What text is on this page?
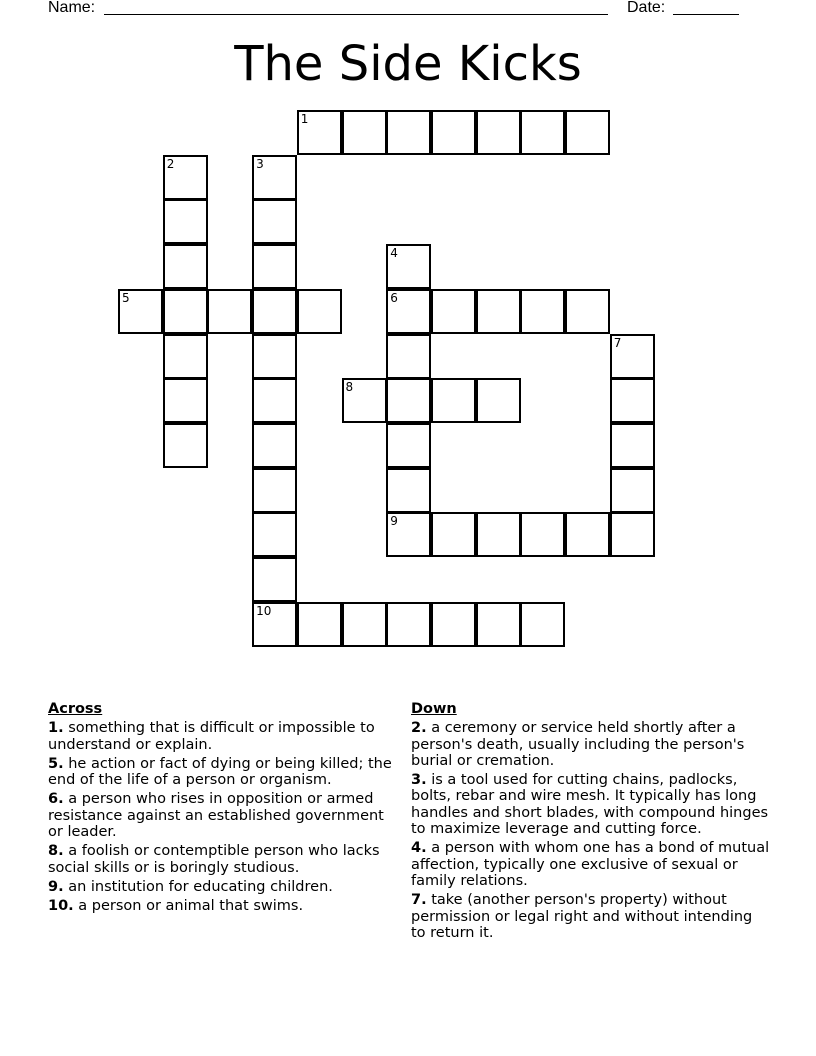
Name:	Date:
The Side Kicks
1
2	3
4
6
5
7
8
9
10
Across
1. something that is difficult or impossible to understand or explain.
5. he action or fact of dying or being killed; the end of the life of a person or organism.
6. a person who rises in opposition or armed resistance against an established government or leader.
8. a foolish or contemptible person who lacks social skills or is boringly studious.
9. an institution for educating children.
10. a person or animal that swims.
Down
2. a ceremony or service held shortly after a person's death, usually including the person's burial or cremation.
3. is a tool used for cutting chains, padlocks, bolts, rebar and wire mesh. It typically has long handles and short blades, with compound hinges to maximize leverage and cutting force.
4. a person with whom one has a bond of mutual affection, typically one exclusive of sexual or family relations.
7. take (another person's property) without permission or legal right and without intending to return it.
